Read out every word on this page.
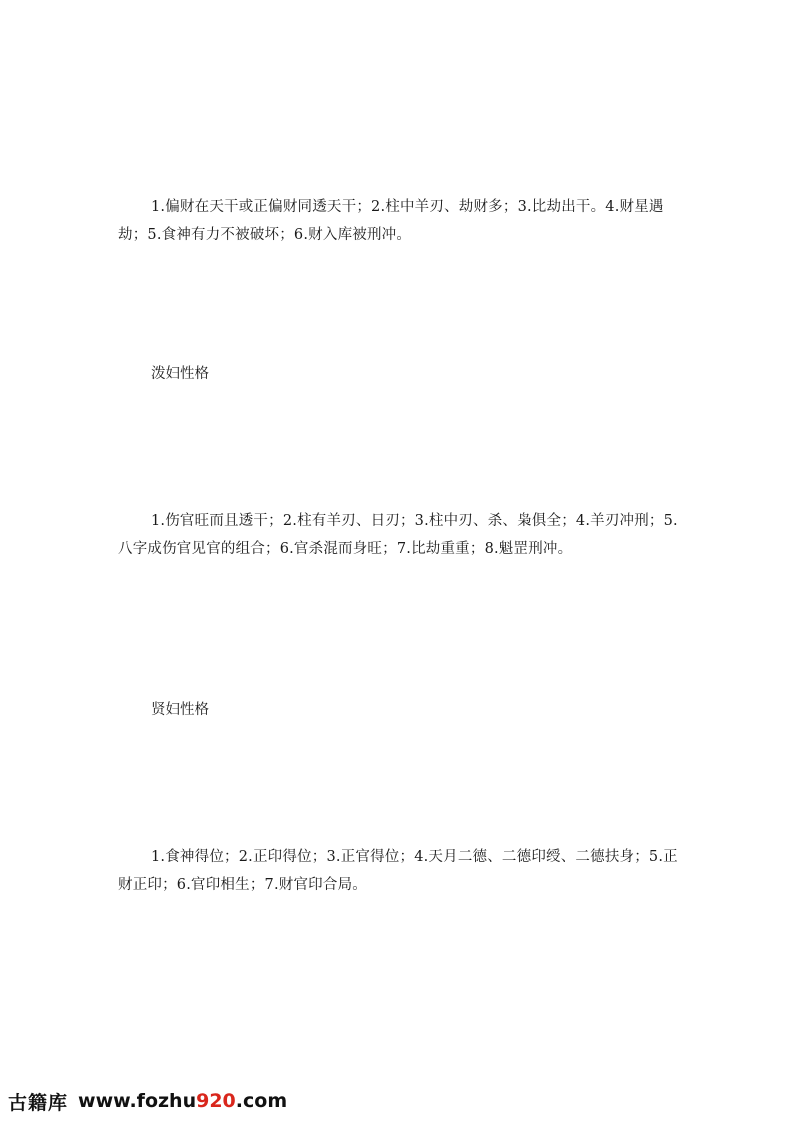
1.偏财在天干或正偏财同透天干；2.柱中羊刃、劫财多；3.比劫出干。4.财星遇劫；5.食神有力不被破坏；6.财入库被刑冲。

泼妇性格

1.伤官旺而且透干；2.柱有羊刃、日刃；3.柱中刃、杀、枭俱全；4.羊刃冲刑；5.八字成伤官见官的组合；6.官杀混而身旺；7.比劫重重；8.魁罡刑冲。

贤妇性格

1.食神得位；2.正印得位；3.正官得位；4.天月二德、二德印绶、二德扶身；5.正财正印；6.官印相生；7.财官印合局。

古籍库 www.fozhu 920 .com
